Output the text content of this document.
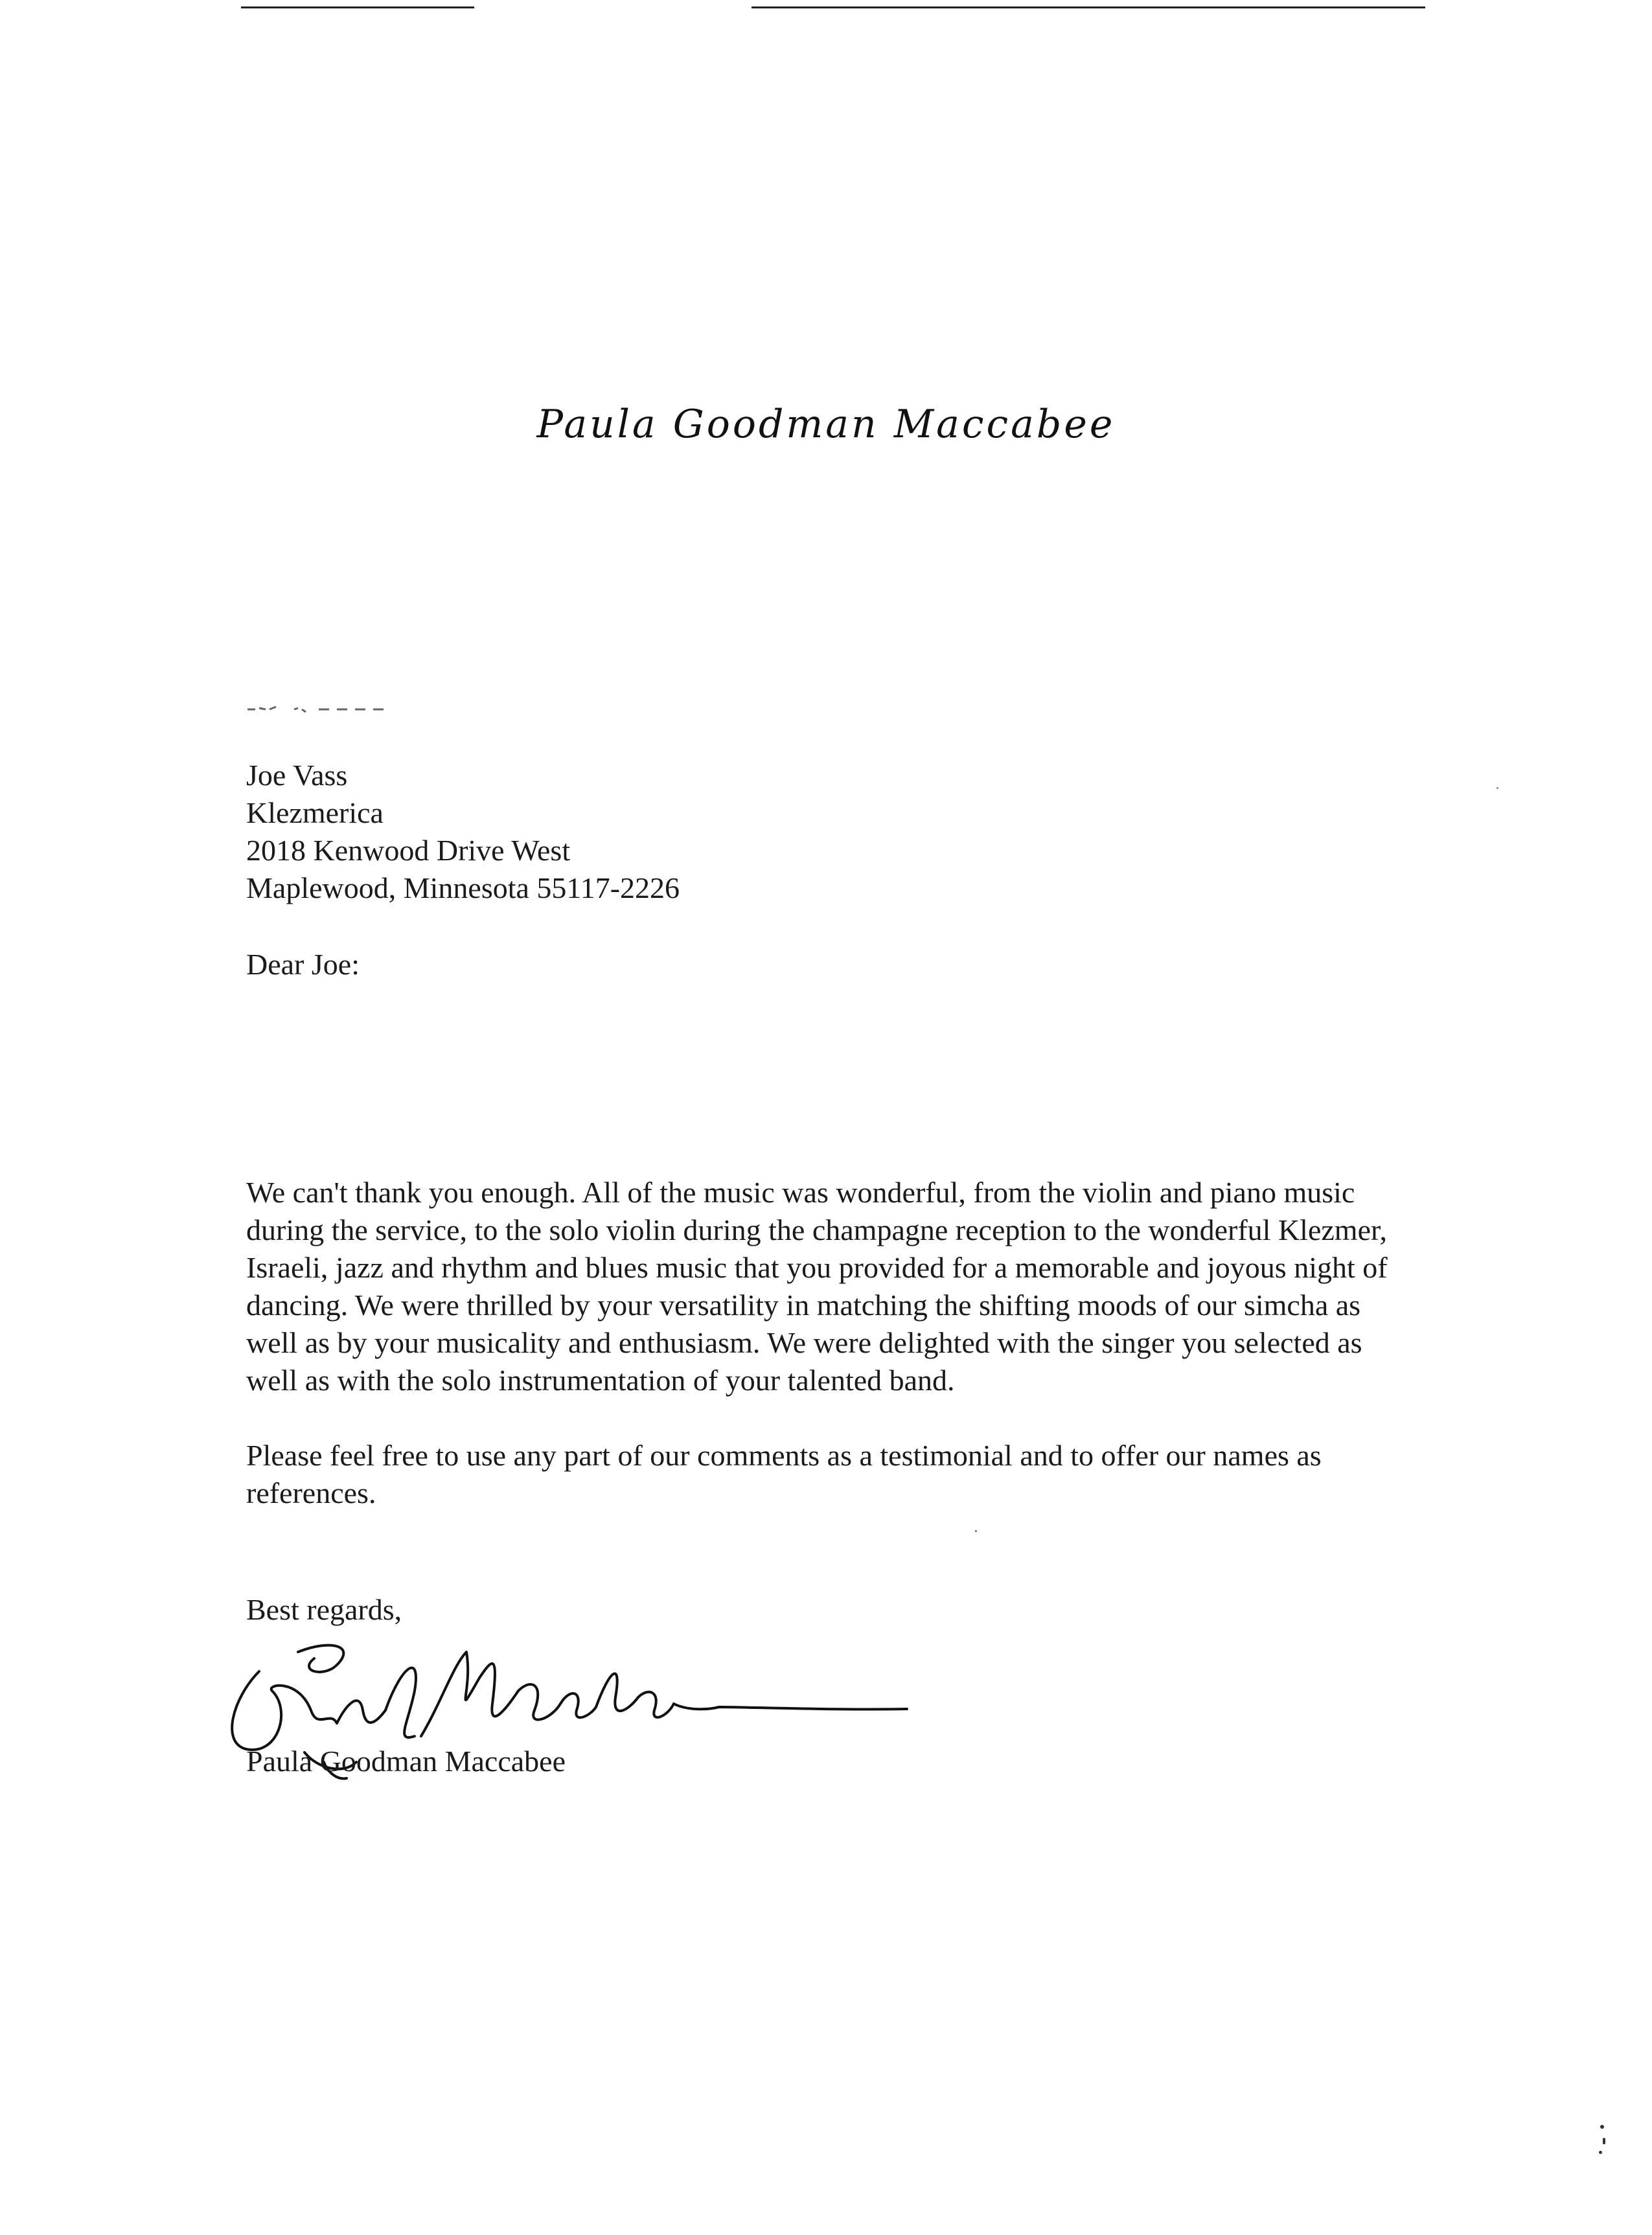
Paula Goodman Maccabee
Joe Vass
Klezmerica
2018 Kenwood Drive West
Maplewood, Minnesota 55117-2226
Dear Joe:

We can't thank you enough. All of the music was wonderful, from the violin and piano music during the service, to the solo violin during the champagne reception to the wonderful Klezmer, Israeli, jazz and rhythm and blues music that you provided for a memorable and joyous night of dancing. We were thrilled by your versatility in matching the shifting moods of our simcha as well as by your musicality and enthusiasm. We were delighted with the singer you selected as well as with the solo instrumentation of your talented band.

Please feel free to use any part of our comments as a testimonial and to offer our names as references.

Best regards,
Paula Goodman Maccabee
